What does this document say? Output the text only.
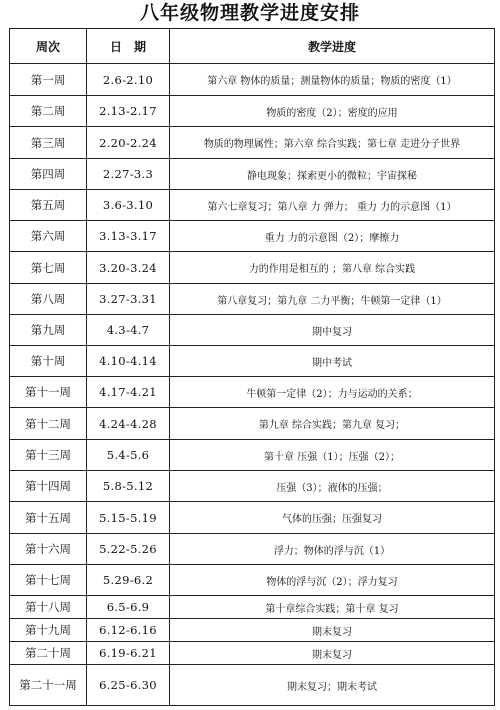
八年级物理教学进度安排
周次	日　期	教学进度
第一周	2.6-2.10	第六章 物体的质量；测量物体的质量；物质的密度（1）
第二周	2.13-2.17	物质的密度（2）；密度的应用
第三周	2.20-2.24	物质的物理属性；第六章 综合实践；第七章 走进分子世界
第四周	2.27-3.3	静电现象；探索更小的微粒；宇宙探秘
第五周	3.6-3.10	第六七章复习；第八章 力 弹力； 重力 力的示意图（1）
第六周	3.13-3.17	重力 力的示意图（2）；摩擦力
第七周	3.20-3.24	力的作用是相互的 ；第八章 综合实践
第八周	3.27-3.31	第八章复习；第九章 二力平衡；牛顿第一定律（1）
第九周	4.3-4.7	期中复习
第十周	4.10-4.14	期中考试
第十一周	4.17-4.21	牛顿第一定律（2）；力与运动的关系；
第十二周	4.24-4.28	第九章 综合实践；第九章 复习；
第十三周	5.4-5.6	第十章 压强（1）；压强（2）；
第十四周	5.8-5.12	压强（3）；液体的压强；
第十五周	5.15-5.19	气体的压强；压强复习
第十六周	5.22-5.26	浮力；物体的浮与沉（1）
第十七周	5.29-6.2	物体的浮与沉（2）；浮力复习
第十八周	6.5-6.9	第十章综合实践；第十章 复习
第十九周	6.12-6.16	期末复习
第二十周	6.19-6.21	期末复习
第二十一周	6.25-6.30	期末复习；期末考试
